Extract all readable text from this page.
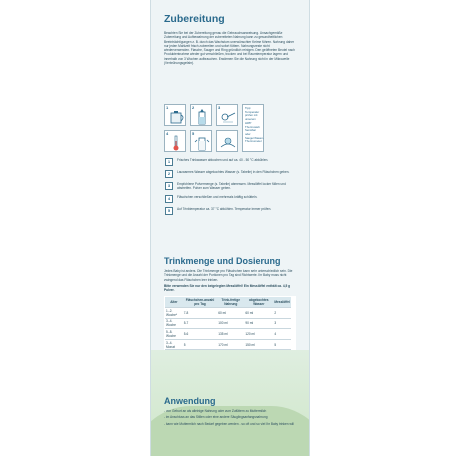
Zubereitung
Beachten Sie bei der Zubereitung genau die Gebrauchsanweisung. Unsachgemäße Zubereitung und Aufbewahrung der zubereiteten Nahrung kann zu gesundheitlichen Beeinträchtigungen z. B. durch das Wachstum unerwünschter Keime führen. Nahrung daher nur jeden Mahlzeit frisch zubereiten und sofort füttern. Nahrungsreste nicht wiederverwenden. Flasche, Sauger und Ring gründlich reinigen. Den geöffneten Beutel nach Produktentnahme wieder gut verschließen, trocken und bei Raumtemperatur lagern und innerhalb von 3 Wochen aufbrauchen. Erwärmen Sie die Nahrung nicht in der Mikrowelle (Verbrühungsgefahr).
1	2	3	Tipp: Temperatur prüfen mit unserem HiPP Thermosieb Sensibar oder Sauger/Nasen-Thermometer
4	5
1	Frisches Trinkwasser abkochen und auf ca. 40 - 50 °C abkühlen.
2	Lauwarmes Wasser abgekochtes Wasser (s. Tabelle) in den Fläschchen geben.
3	Empfohlene Pulvermenge (s. Tabelle) abmessen. Messlöffel locker füllen und abstreifen. Pulver zum Wasser geben.
4	Fläschchen verschließen und mehrmals kräftig schütteln.
5	Auf Trinktemperatur ca. 37 °C abkühlen. Temperatur immer prüfen.
Trinkmenge und Dosierung
Jedes Baby ist anders. Die Trinkmenge pro Fläschchen kann sehr unterschiedlich sein. Die Trinkmenge und die Anzahl der Portionen pro Tag sind Richtwerte. Ihr Baby muss nicht zwingend das Fläschchen leer trinken.
Bitte verwenden Sie nur den beigelegten Messlöffel! Ein Messlöffel enthält ca. 4,5 g Pulver.
Alter	Fläschchen-anzahl pro Tag	Trink-fertige Nahrung	abgekochtes Wasser	Messlöffel
1.-2. Woche*	7-8	60 ml	60 ml	2
3.-4. Woche	5-7	100 ml	90 ml	3
5.-8. Woche	5-6	135 ml	120 ml	4
3.-4. Monat	5	170 ml	150 ml	5

Anwendung
- von Geburt an als alleinige Nahrung oder zum Zufüttern zu Muttermilch
- im Anschluss an das Stillen oder eine andere Säuglingsanfangsnahrung
- kann wie Muttermilch nach Bedarf gegeben werden - so oft und so viel Ihr Baby trinken will
